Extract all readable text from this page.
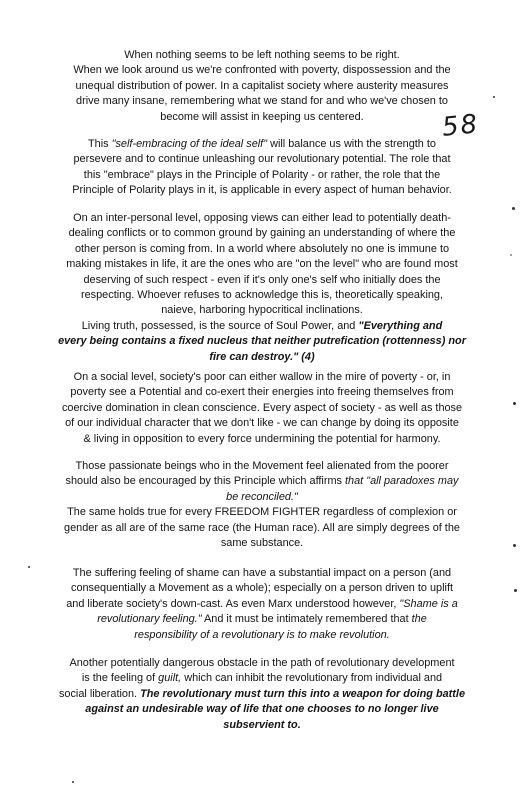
58

When nothing seems to be left nothing seems to be right.
When we look around us we're confronted with poverty, dispossession and the
unequal distribution of power. In a capitalist society where austerity measures
drive many insane, remembering what we stand for and who we've chosen to
become will assist in keeping us centered.

This "self-embracing of the ideal self" will balance us with the strength to
persevere and to continue unleashing our revolutionary potential. The role that
this "embrace" plays in the Principle of Polarity - or rather, the role that the
Principle of Polarity plays in it, is applicable in every aspect of human behavior.

On an inter-personal level, opposing views can either lead to potentially death-
dealing conflicts or to common ground by gaining an understanding of where the
other person is coming from. In a world where absolutely no one is immune to
making mistakes in life, it are the ones who are "on the level" who are found most
deserving of such respect - even if it's only one's self who initially does the
respecting. Whoever refuses to acknowledge this is, theoretically speaking,
naieve, harboring hypocritical inclinations.
Living truth, possessed, is the source of Soul Power, and "Everything and
every being contains a fixed nucleus that neither putrefication (rottenness) nor
fire can destroy." (4)

On a social level, society's poor can either wallow in the mire of poverty - or, in
poverty see a Potential and co-exert their energies into freeing themselves from
coercive domination in clean conscience. Every aspect of society - as well as those
of our individual character that we don't like - we can change by doing its opposite
& living in opposition to every force undermining the potential for harmony.

Those passionate beings who in the Movement feel alienated from the poorer
should also be encouraged by this Principle which affirms that "all paradoxes may
be reconciled."
The same holds true for every FREEDOM FIGHTER regardless of complexion or
gender as all are of the same race (the Human race). All are simply degrees of the
same substance.

The suffering feeling of shame can have a substantial impact on a person (and
consequentially a Movement as a whole); especially on a person driven to uplift
and liberate society's down-cast. As even Marx understood however, "Shame is a
revolutionary feeling." And it must be intimately remembered that the
responsibility of a revolutionary is to make revolution.

Another potentially dangerous obstacle in the path of revolutionary development
is the feeling of guilt, which can inhibit the revolutionary from individual and
social liberation. The revolutionary must turn this into a weapon for doing battle
against an undesirable way of life that one chooses to no longer live
subservient to.
